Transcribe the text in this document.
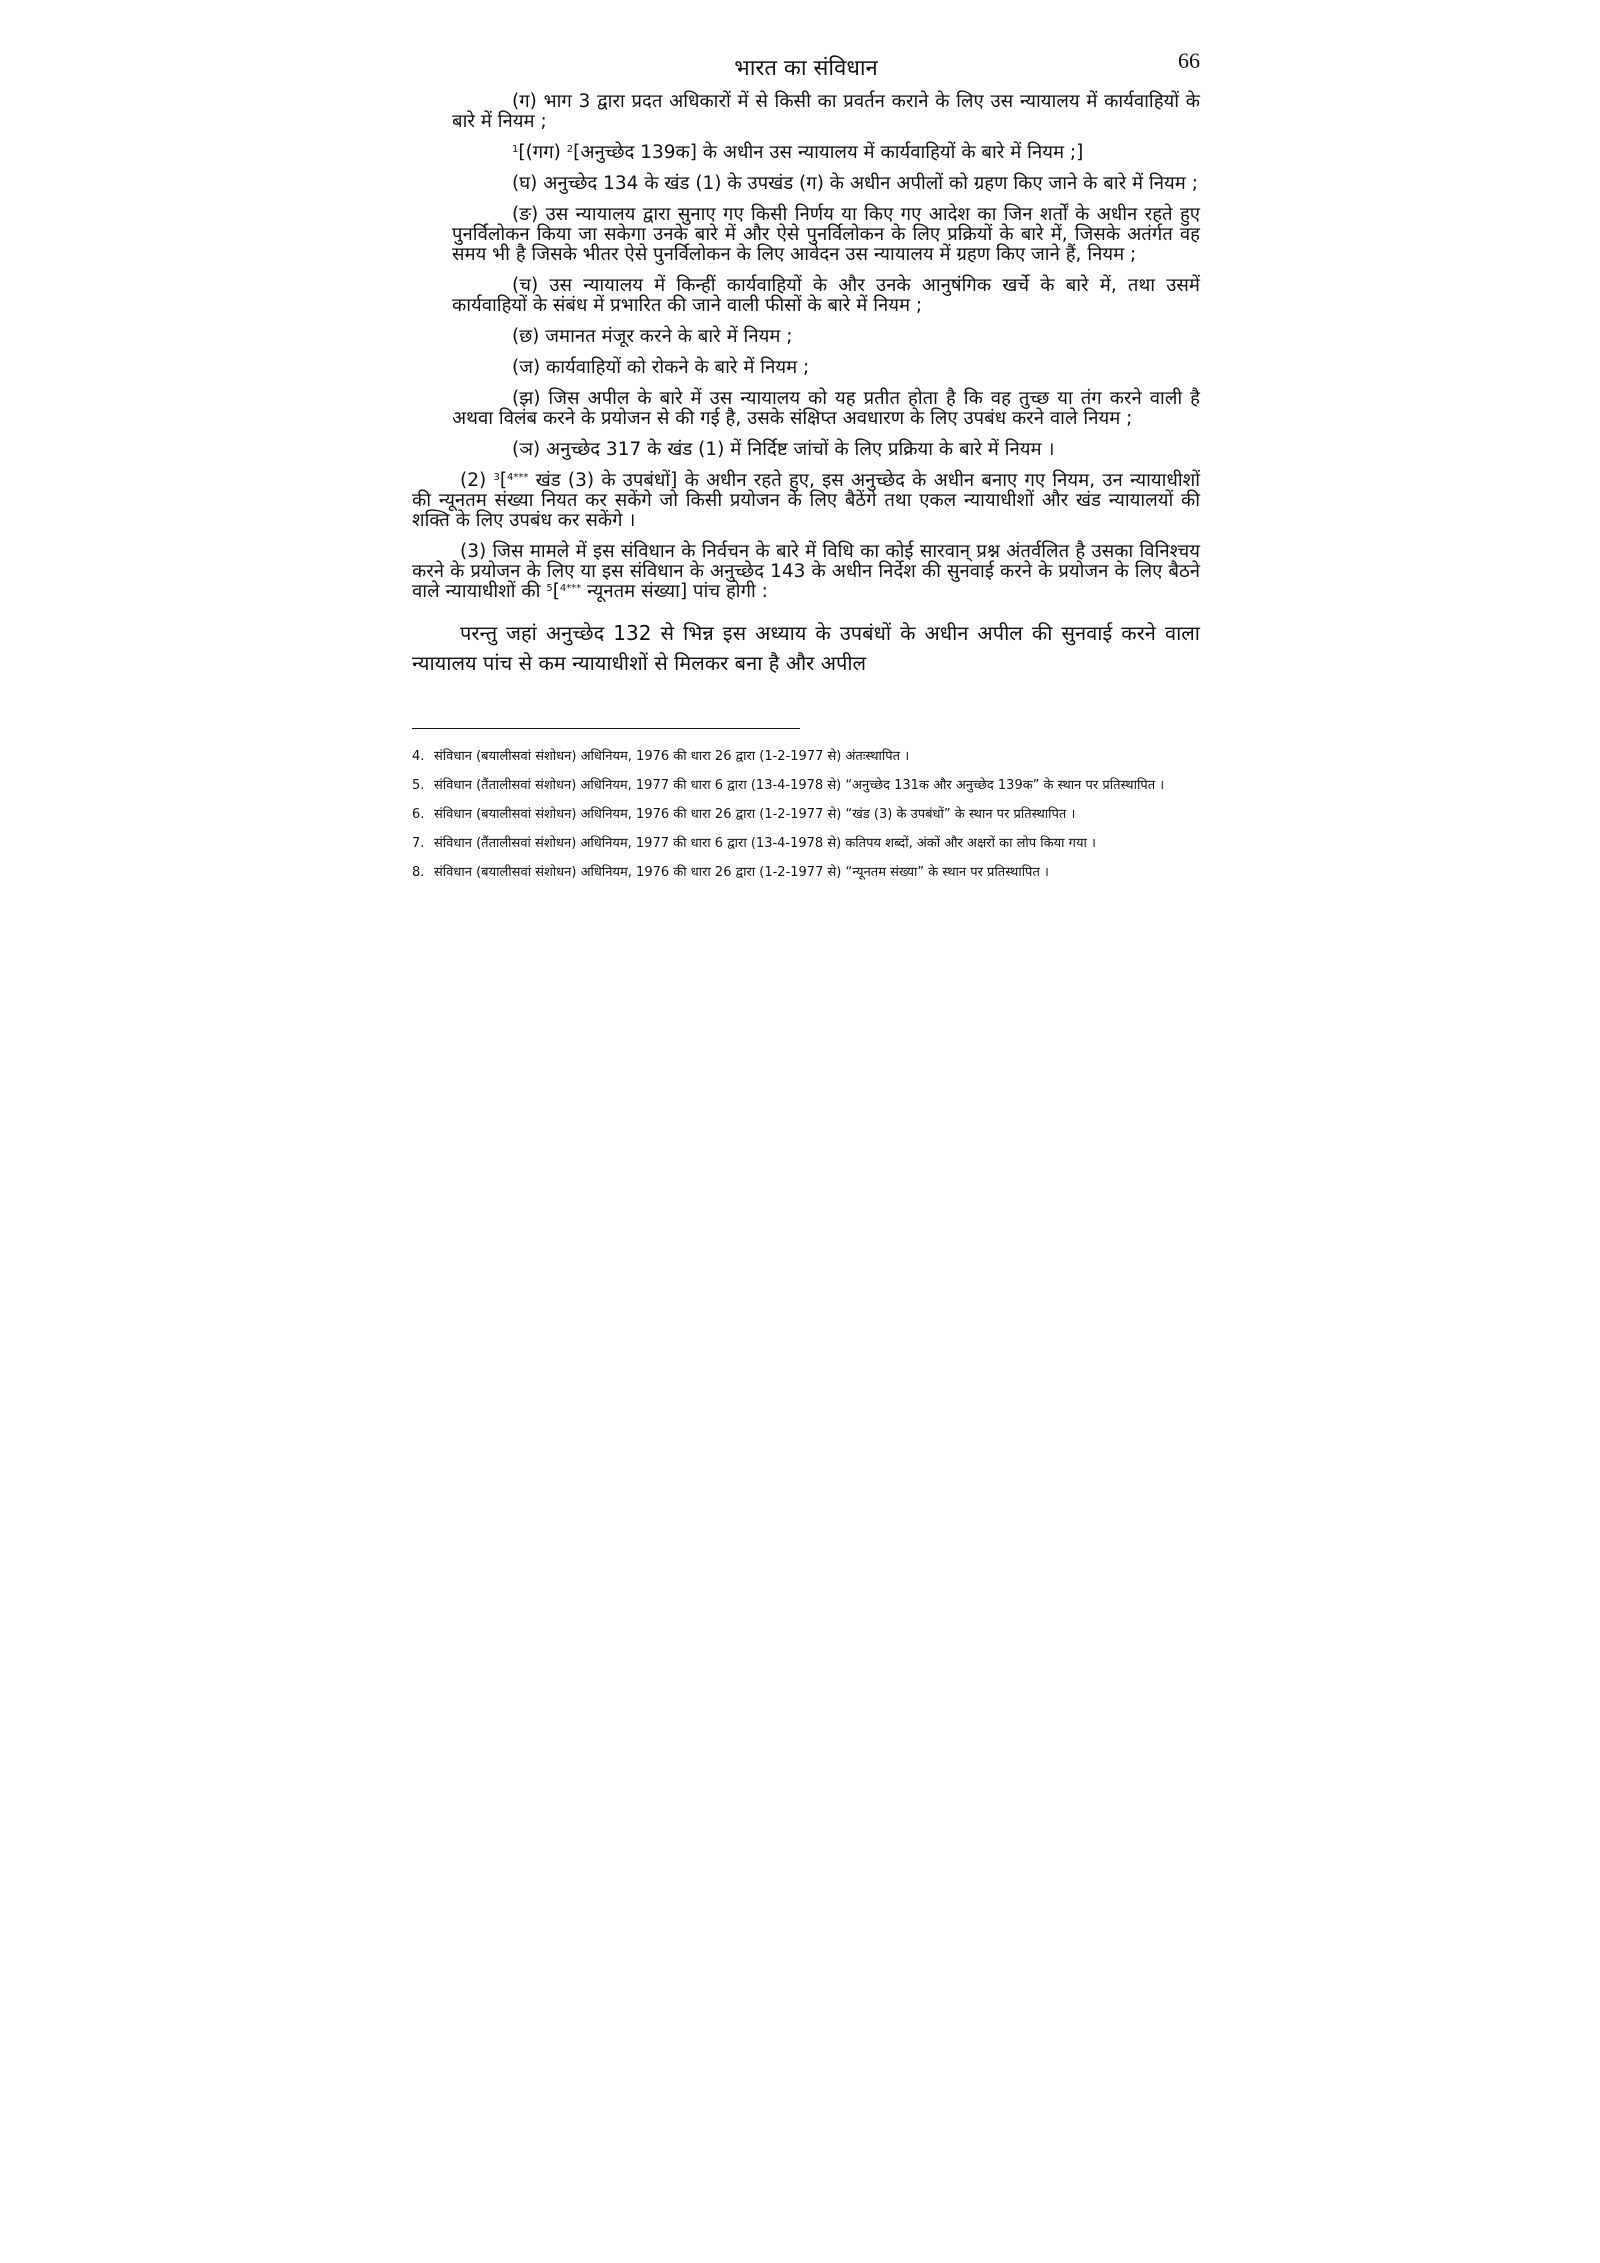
भारत का संविधान	66

(ग) भाग 3 द्वारा प्रदत अधिकारों में से किसी का प्रवर्तन कराने के लिए उस न्यायालय में कार्यवाहियों के बारे में नियम ;

$^1$[(गग) $^2$[अनुच्छेद 139क] के अधीन उस न्यायालय में कार्यवाहियों के बारे में नियम ;]

(घ) अनुच्छेद 134 के खंड (1) के उपखंड (ग) के अधीन अपीलों को ग्रहण किए जाने के बारे में नियम ;

(ङ) उस न्यायालय द्वारा सुनाए गए किसी निर्णय या किए गए आदेश का जिन शर्तों के अधीन रहते हुए पुनर्विलोकन किया जा सकेगा उनके बारे में और ऐसे पुनर्विलोकन के लिए प्रक्रियों के बारे में, जिसके अतंर्गत वह समय भी है जिसके भीतर ऐसे पुनर्विलोकन के लिए आवेदन उस न्यायालय में ग्रहण किए जाने हैं, नियम ;

(च) उस न्यायालय में किन्हीं कार्यवाहियों के और उनके आनुषंगिक खर्चे के बारे में, तथा उसमें कार्यवाहियों के संबंध में प्रभारित की जाने वाली फीसों के बारे में नियम ;

(छ) जमानत मंजूर करने के बारे में नियम ;

(ज) कार्यवाहियों को रोकने के बारे में नियम ;

(झ) जिस अपील के बारे में उस न्यायालय को यह प्रतीत होता है कि वह तुच्छ या तंग करने वाली है अथवा विलंब करने के प्रयोजन से की गई है, उसके संक्षिप्त अवधारण के लिए उपबंध करने वाले नियम ;

(ञ) अनुच्छेद 317 के खंड (1) में निर्दिष्ट जांचों के लिए प्रक्रिया के बारे में नियम ।

(2) $^3$[$^{4***}$ खंड (3) के उपबंधों] के अधीन रहते हुए, इस अनुच्छेद के अधीन बनाए गए नियम, उन न्यायाधीशों की न्यूनतम संख्या नियत कर सकेंगे जो किसी प्रयोजन के लिए बैठेंगे तथा एकल न्यायाधीशों और खंड न्यायालयों की शक्ति के लिए उपबंध कर सकेंगे ।

(3) जिस मामले में इस संविधान के निर्वचन के बारे में विधि का कोई सारवान् प्रश्न अंतर्वलित है उसका विनिश्चय करने के प्रयोजन के लिए या इस संविधान के अनुच्छेद 143 के अधीन निर्देश की सुनवाई करने के प्रयोजन के लिए बैठने वाले न्यायाधीशों की $^5$[$^{4***}$ न्यूनतम संख्या] पांच होगी :

परन्तु जहां अनुच्छेद 132 से भिन्न इस अध्याय के उपबंधों के अधीन अपील की सुनवाई करने वाला न्यायालय पांच से कम न्यायाधीशों से मिलकर बना है और अपील

4. संविधान (बयालीसवां संशोधन) अधिनियम, 1976 की धारा 26 द्वारा (1-2-1977 से) अंतःस्थापित ।
5. संविधान (तैंतालीसवां संशोधन) अधिनियम, 1977 की धारा 6 द्वारा (13-4-1978 से) “अनुच्छेद 131क और अनुच्छेद 139क” के स्थान पर प्रतिस्थापित ।
6. संविधान (बयालीसवां संशोधन) अधिनियम, 1976 की धारा 26 द्वारा (1-2-1977 से) “खंड (3) के उपबंधों” के स्थान पर प्रतिस्थापित ।
7. संविधान (तैंतालीसवां संशोधन) अधिनियम, 1977 की धारा 6 द्वारा (13-4-1978 से) कतिपय शब्दों, अंकों और अक्षरों का लोप किया गया ।
8. संविधान (बयालीसवां संशोधन) अधिनियम, 1976 की धारा 26 द्वारा (1-2-1977 से) “न्यूनतम संख्या” के स्थान पर प्रतिस्थापित ।
